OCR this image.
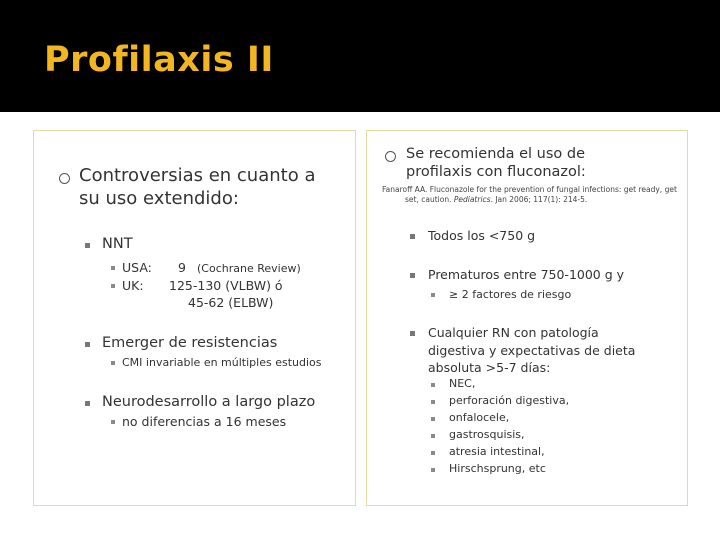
Profilaxis II
Controversias en cuanto a
su uso extendido:
NNT
USA: 9 (Cochrane Review)
UK: 125-130 (VLBW) ó
45-62 (ELBW)
Emerger de resistencias
CMI invariable en múltiples estudios
Neurodesarrollo a largo plazo
no diferencias a 16 meses
Se recomienda el uso de
profilaxis con fluconazol:
Fanaroff AA. Fluconazole for the prevention of fungal infections: get ready, get
set, caution. Pediatrics. Jan 2006; 117(1): 214-5.
Todos los <750 g
Prematuros entre 750-1000 g y
≥ 2 factores de riesgo
Cualquier RN con patología
digestiva y expectativas de dieta
absoluta >5-7 días:
NEC,
perforación digestiva,
onfalocele,
gastrosquisis,
atresia intestinal,
Hirschsprung, etc
